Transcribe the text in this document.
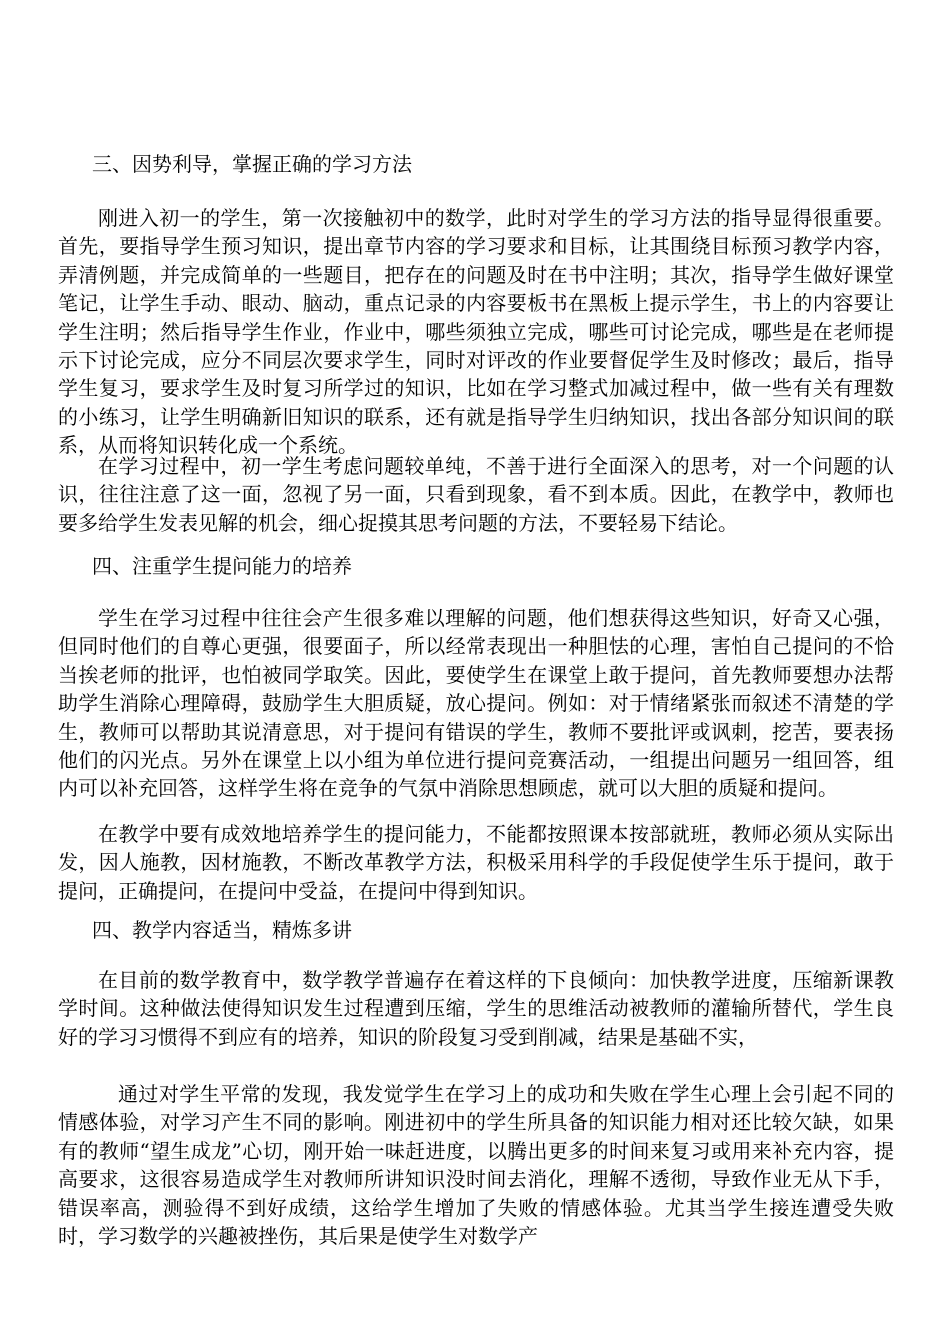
三、因势利导，掌握正确的学习方法

刚进入初一的学生，第一次接触初中的数学，此时对学生的学习方法的指导显得很重要。首先，要指导学生预习知识，提出章节内容的学习要求和目标，让其围绕目标预习教学内容，弄清例题，并完成简单的一些题目，把存在的问题及时在书中注明；其次，指导学生做好课堂笔记，让学生手动、眼动、脑动，重点记录的内容要板书在黑板上提示学生，书上的内容要让学生注明；然后指导学生作业，作业中，哪些须独立完成，哪些可讨论完成，哪些是在老师提示下讨论完成，应分不同层次要求学生，同时对评改的作业要督促学生及时修改；最后，指导学生复习，要求学生及时复习所学过的知识，比如在学习整式加减过程中，做一些有关有理数的小练习，让学生明确新旧知识的联系，还有就是指导学生归纳知识，找出各部分知识间的联系，从而将知识转化成一个系统。

在学习过程中，初一学生考虑问题较单纯，不善于进行全面深入的思考，对一个问题的认识，往往注意了这一面，忽视了另一面，只看到现象，看不到本质。因此，在教学中，教师也要多给学生发表见解的机会，细心捉摸其思考问题的方法，不要轻易下结论。

四、注重学生提问能力的培养

学生在学习过程中往往会产生很多难以理解的问题，他们想获得这些知识，好奇又心强，但同时他们的自尊心更强，很要面子，所以经常表现出一种胆怯的心理，害怕自己提问的不恰当挨老师的批评，也怕被同学取笑。因此，要使学生在课堂上敢于提问，首先教师要想办法帮助学生消除心理障碍，鼓励学生大胆质疑，放心提问。例如：对于情绪紧张而叙述不清楚的学生，教师可以帮助其说清意思，对于提问有错误的学生，教师不要批评或讽刺，挖苦，要表扬他们的闪光点。另外在课堂上以小组为单位进行提问竞赛活动，一组提出问题另一组回答，组内可以补充回答，这样学生将在竞争的气氛中消除思想顾虑，就可以大胆的质疑和提问。

在教学中要有成效地培养学生的提问能力，不能都按照课本按部就班，教师必须从实际出发，因人施教，因材施教，不断改革教学方法，积极采用科学的手段促使学生乐于提问，敢于提问，正确提问，在提问中受益，在提问中得到知识。

四、教学内容适当，精炼多讲

在目前的数学教育中，数学教学普遍存在着这样的下良倾向：加快教学进度，压缩新课教学时间。这种做法使得知识发生过程遭到压缩，学生的思维活动被教师的灌输所替代，学生良好的学习习惯得不到应有的培养，知识的阶段复习受到削减，结果是基础不实，

通过对学生平常的发现，我发觉学生在学习上的成功和失败在学生心理上会引起不同的情感体验，对学习产生不同的影响。刚进初中的学生所具备的知识能力相对还比较欠缺，如果有的教师“望生成龙”心切，刚开始一味赶进度，以腾出更多的时间来复习或用来补充内容，提高要求，这很容易造成学生对教师所讲知识没时间去消化，理解不透彻，导致作业无从下手，错误率高，测验得不到好成绩，这给学生增加了失败的情感体验。尤其当学生接连遭受失败时，学习数学的兴趣被挫伤，其后果是使学生对数学产
